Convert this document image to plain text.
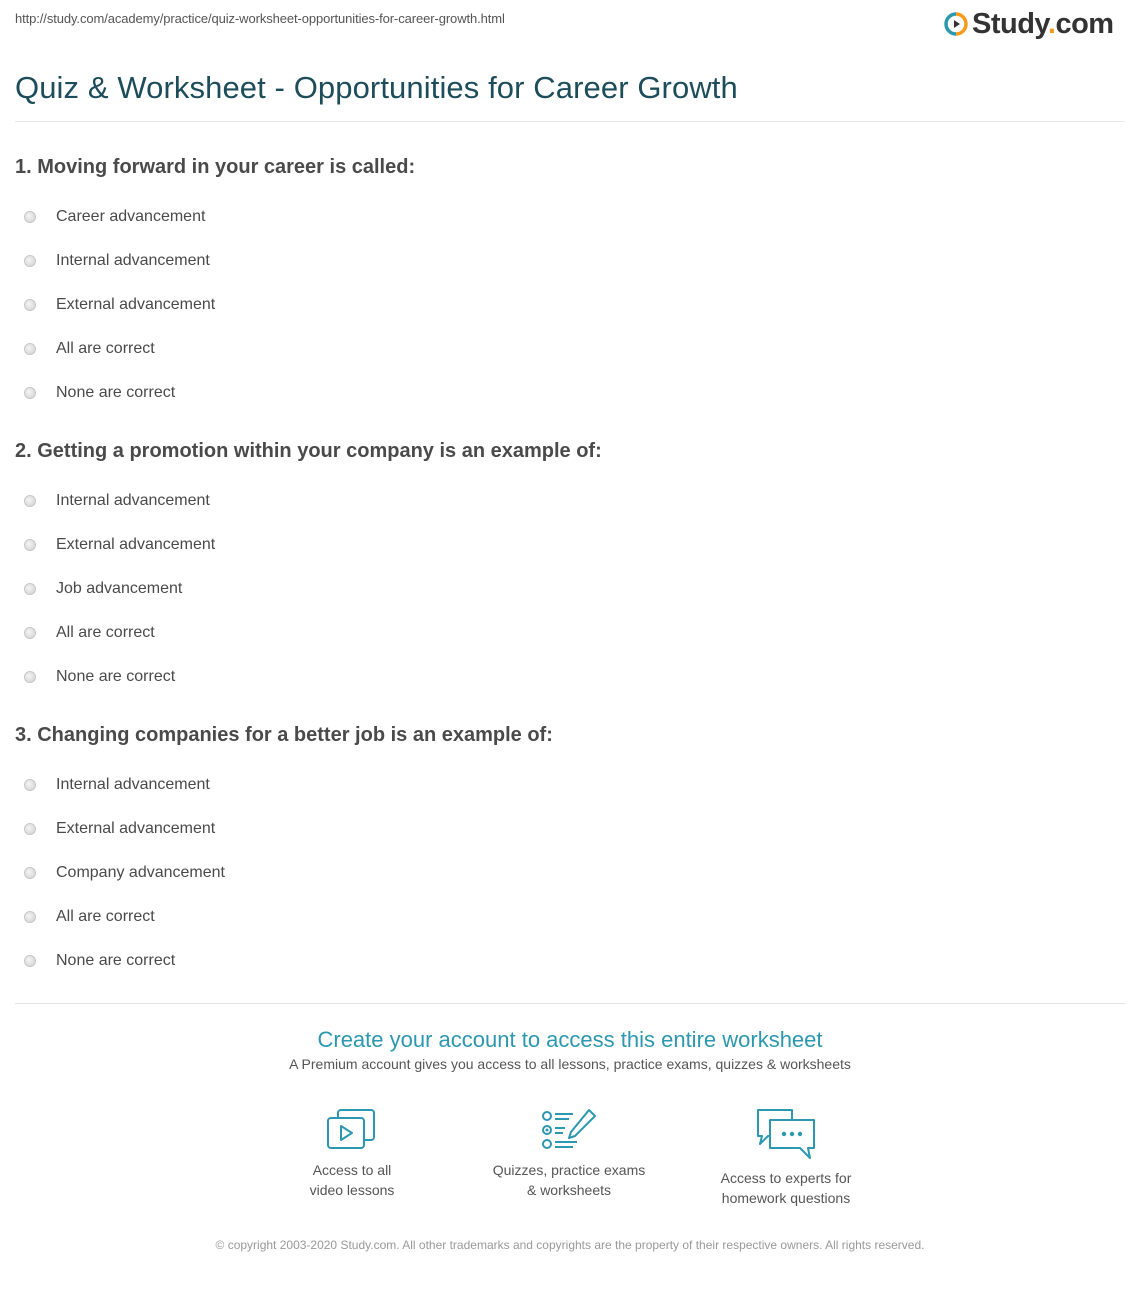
http://study.com/academy/practice/quiz-worksheet-opportunities-for-career-growth.html	Study.com
Quiz & Worksheet - Opportunities for Career Growth
1. Moving forward in your career is called:
Career advancement
Internal advancement
External advancement
All are correct
None are correct
2. Getting a promotion within your company is an example of:
Internal advancement
External advancement
Job advancement
All are correct
None are correct
3. Changing companies for a better job is an example of:
Internal advancement
External advancement
Company advancement
All are correct
None are correct
Create your account to access this entire worksheet
A Premium account gives you access to all lessons, practice exams, quizzes & worksheets
Access to all
video lessons
Quizzes, practice exams
& worksheets
Access to experts for
homework questions
© copyright 2003-2020 Study.com. All other trademarks and copyrights are the property of their respective owners. All rights reserved.
